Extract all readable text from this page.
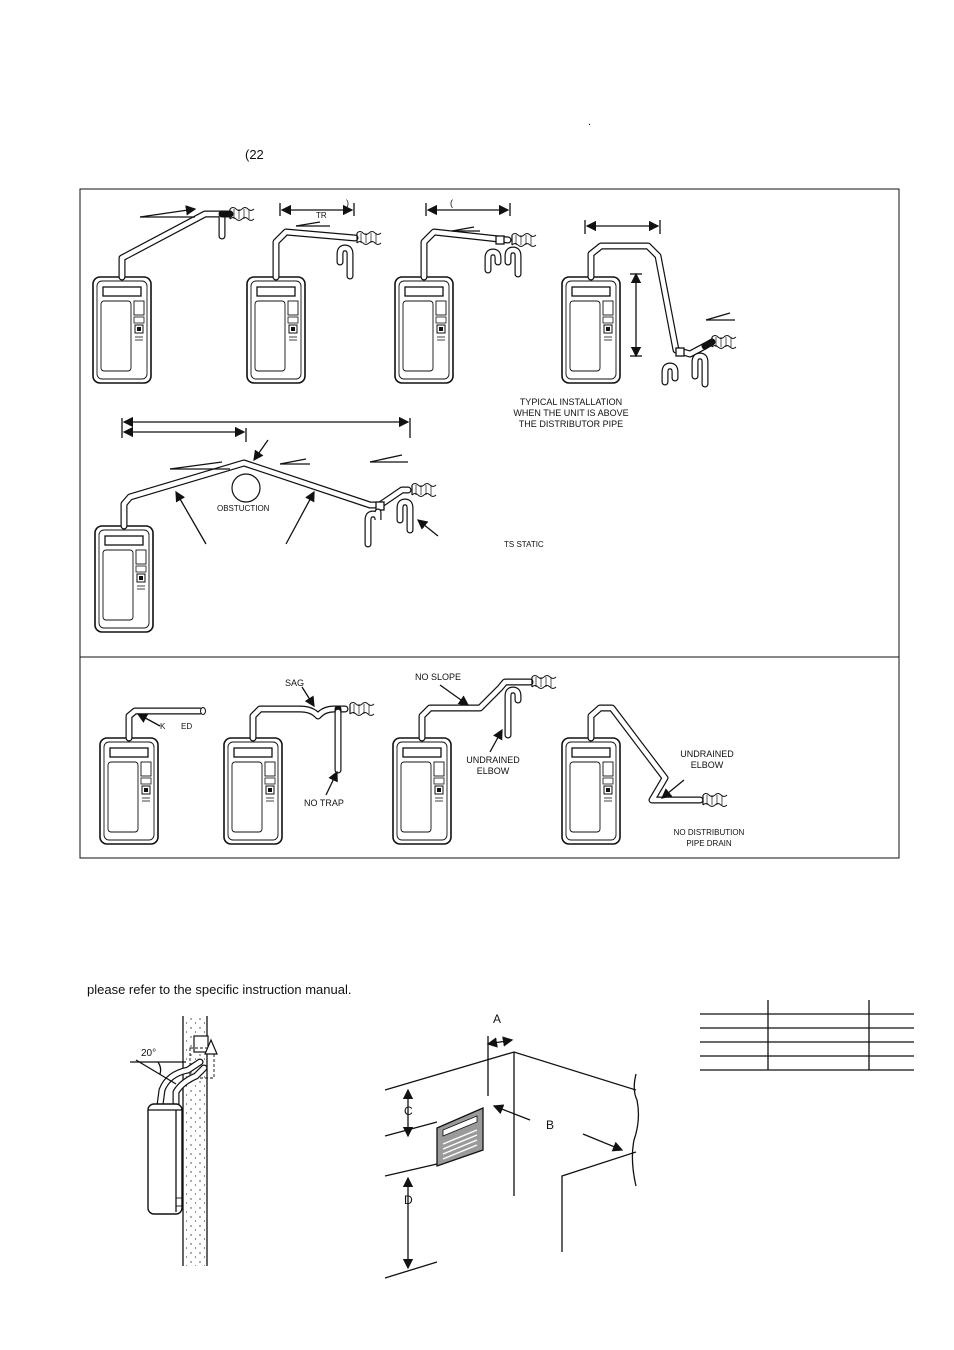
.
(22
TR
)	(
TYPICAL INSTALLATION
WHEN THE UNIT IS ABOVE
THE DISTRIBUTOR PIPE
OBSTUCTION
TS STATIC
K ED
SAG
NO TRAP
NO SLOPE
UNDRAINED
ELBOW
UNDRAINED
ELBOW
NO DISTRIBUTION
PIPE DRAIN
please refer to the specific instruction manual.
20°
A
B
C
D
